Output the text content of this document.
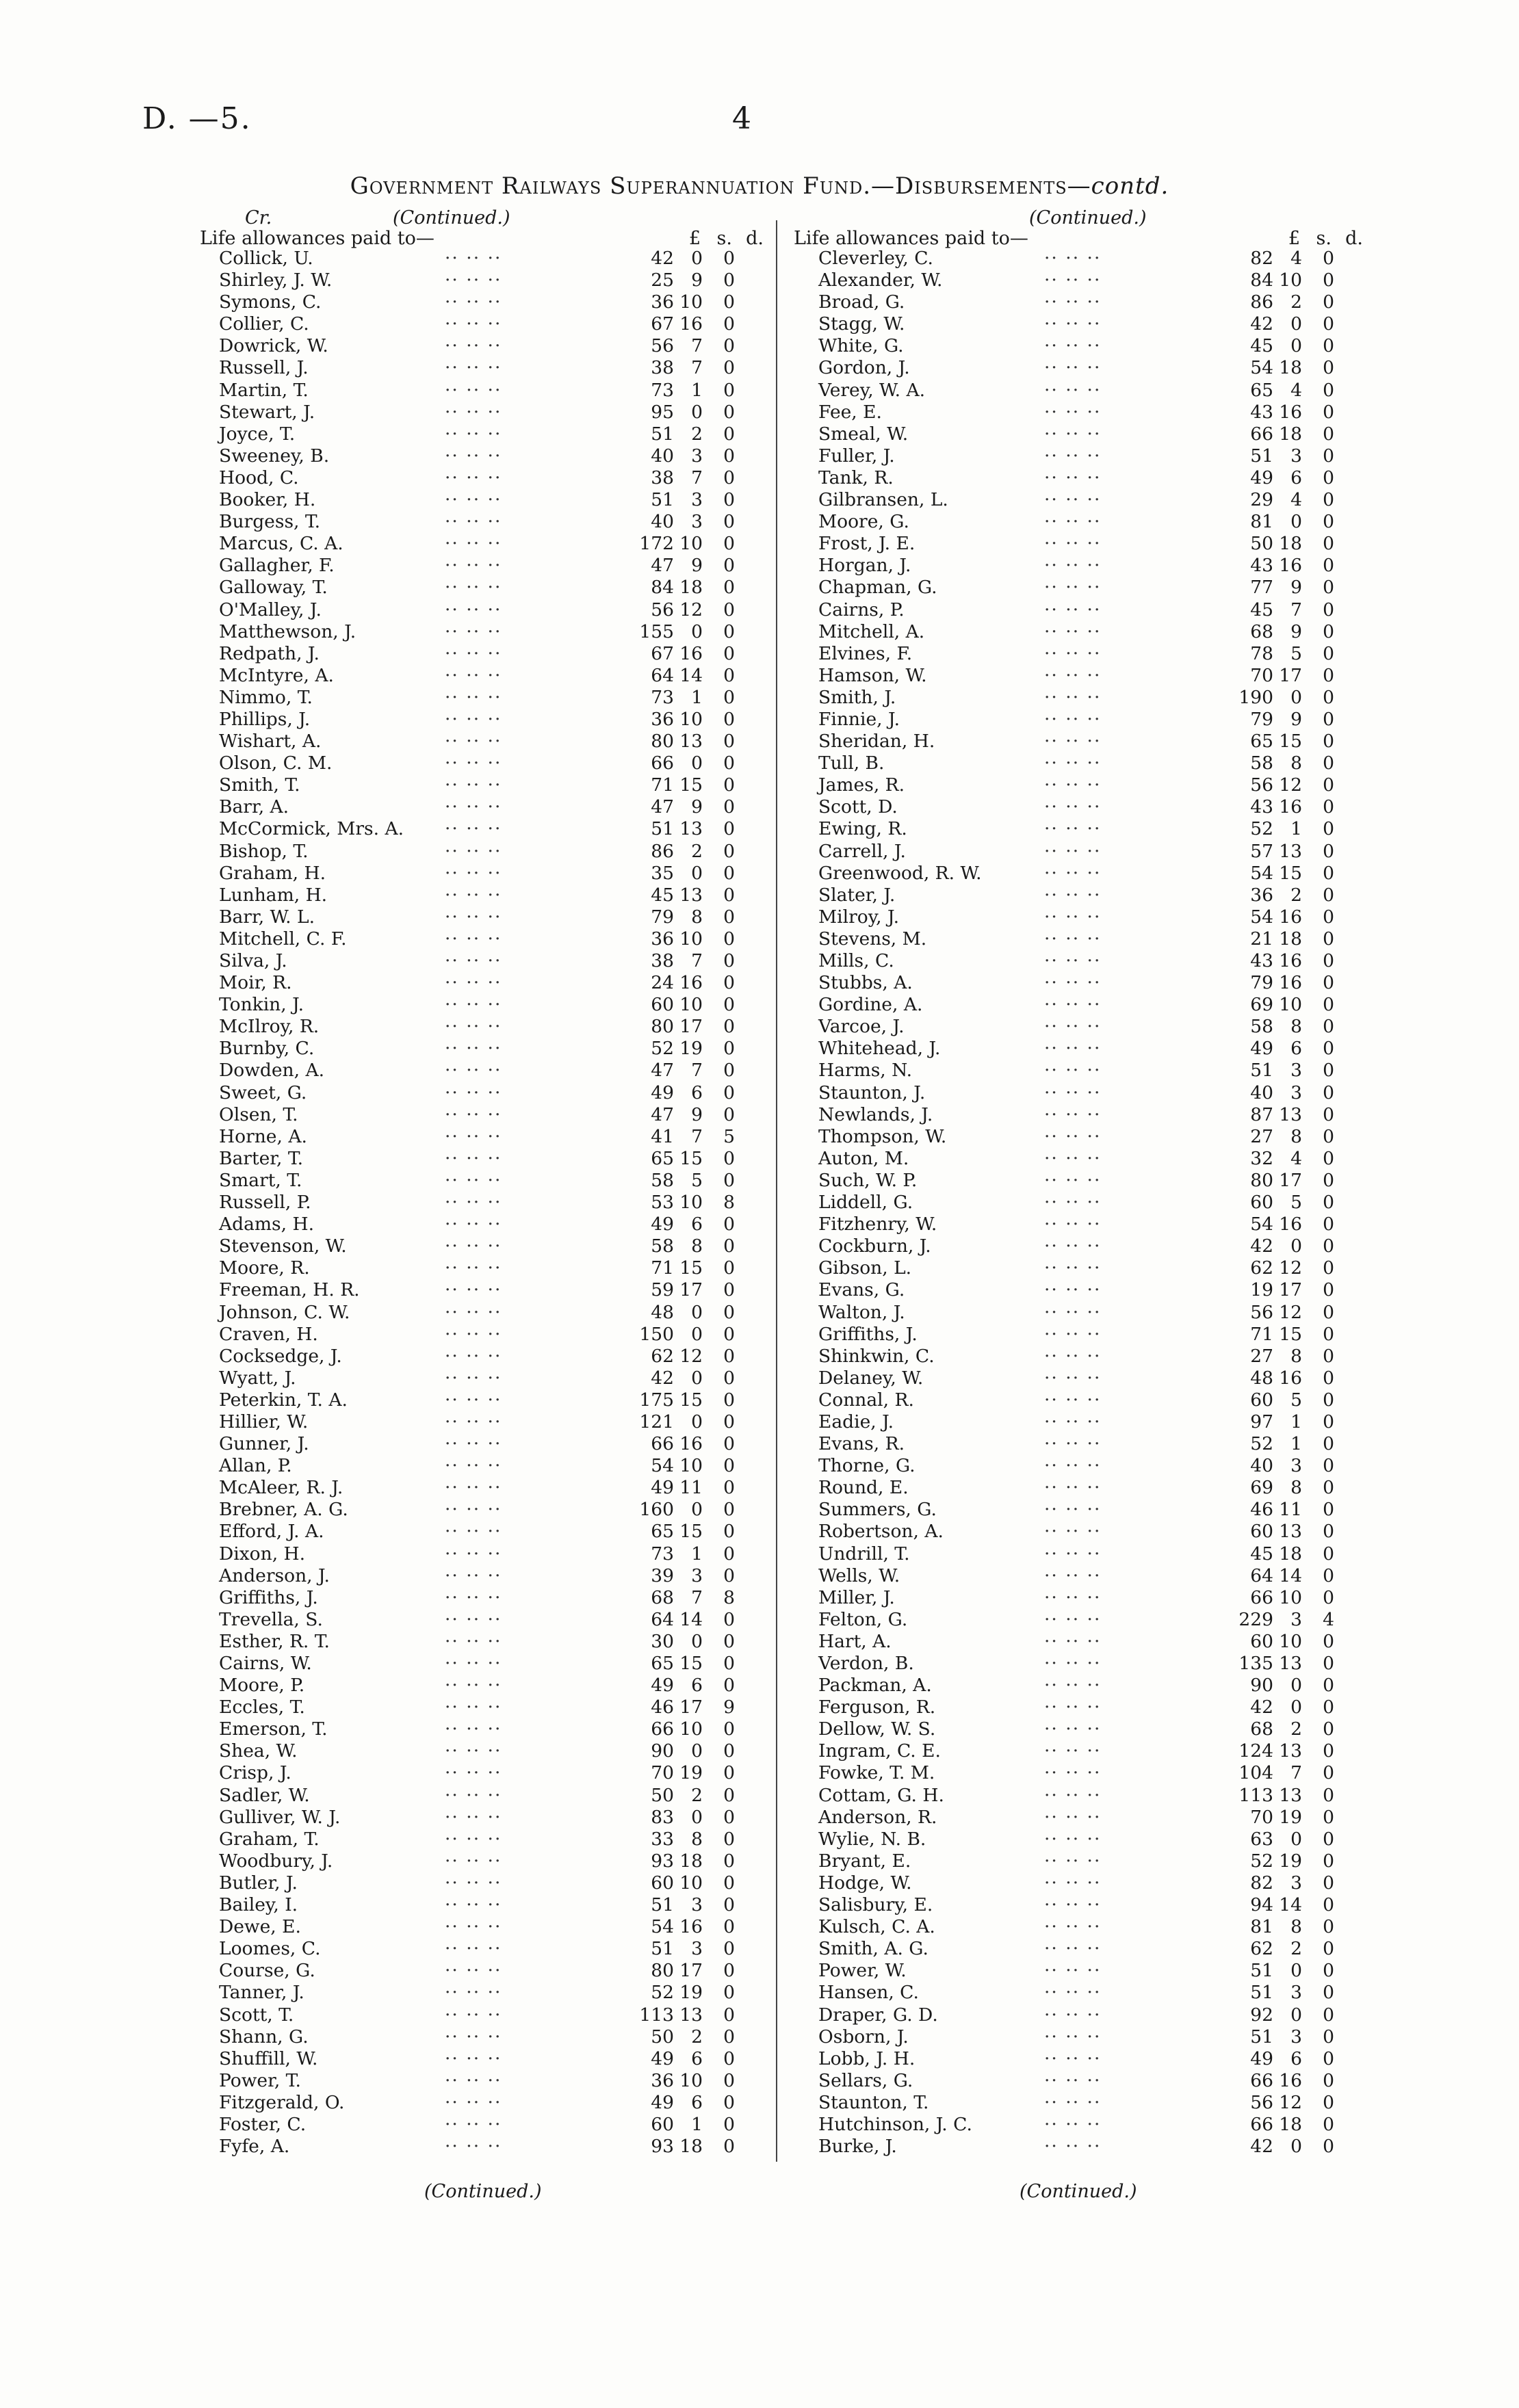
D. —5.	4
Government Railways Superannuation Fund.—Disbursements—contd.
Cr.	(Continued.)	(Continued.)
Life allowances paid to—	£ s. d. Life allowances paid to—	£ s. d.
·· ·· ··
Collick, U.	42 0	0
·· ·· ··
Shirley, J. W.	25 9	0
·· ·· ··
Symons, C.	36 10	0
·· ·· ··
Collier, C.	67 16	0
·· ·· ··
Dowrick, W.	56 7	0
·· ·· ··
Russell, J.	38 7	0
·· ·· ··
Martin, T.	73 1	0
·· ·· ··
Stewart, J.	95 0	0
·· ·· ··
Joyce, T.	51 2	0
·· ·· ··
Sweeney, B.	40 3	0
·· ·· ··
Hood, C.	38 7	0
·· ·· ··
Booker, H.	51 3	0
·· ·· ··
Burgess, T.	40 3	0
·· ·· ··
Marcus, C. A.	172 10	0
·· ·· ··
Gallagher, F.	47 9	0
·· ·· ··
Galloway, T.	84 18	0
·· ·· ··
O'Malley, J.	56 12	0
·· ·· ··
Matthewson, J.	155 0	0
·· ·· ··
Redpath, J.	67 16	0
·· ·· ··
McIntyre, A.	64 14	0
·· ·· ··
Nimmo, T.	73 1	0
·· ·· ··
Phillips, J.	36 10	0
·· ·· ··
Wishart, A.	80 13	0
·· ·· ··
Olson, C. M.	66 0	0
·· ·· ··
Smith, T.	71 15	0
·· ·· ··
Barr, A.	47 9	0
·· ·· ··
McCormick, Mrs. A.	51 13	0
·· ·· ··
Bishop, T.	86 2	0
·· ·· ··
Graham, H.	35 0	0
·· ·· ··
Lunham, H.	45 13	0
·· ·· ··
Barr, W. L.	79 8	0
·· ·· ··
Mitchell, C. F.	36 10	0
·· ·· ··
Silva, J.	38 7	0
·· ·· ··
Moir, R.	24 16	0
·· ·· ··
Tonkin, J.	60 10	0
·· ·· ··
McIlroy, R.	80 17	0
·· ·· ··
Burnby, C.	52 19	0
·· ·· ··
Dowden, A.	47 7	0
·· ·· ··
Sweet, G.	49 6	0
·· ·· ··
Olsen, T.	47 9	0
·· ·· ··
Horne, A.	41 7	5
·· ·· ··
Barter, T.	65 15	0
·· ·· ··
Smart, T.	58 5	0
·· ·· ··
Russell, P.	53 10	8
·· ·· ··
Adams, H.	49 6	0
·· ·· ··
Stevenson, W.	58 8	0
·· ·· ··
Moore, R.	71 15	0
·· ·· ··
Freeman, H. R.	59 17	0
·· ·· ··
Johnson, C. W.	48 0	0
·· ·· ··
Craven, H.	150 0	0
·· ·· ··
Cocksedge, J.	62 12	0
·· ·· ··
Wyatt, J.	42 0	0
·· ·· ··
Peterkin, T. A.	175 15	0
·· ·· ··
Hillier, W.	121 0	0
·· ·· ··
Gunner, J.	66 16	0
·· ·· ··
Allan, P.	54 10	0
·· ·· ··
McAleer, R. J.	49 11	0
·· ·· ··
Brebner, A. G.	160 0	0
·· ·· ··
Efford, J. A.	65 15	0
·· ·· ··
Dixon, H.	73 1	0
·· ·· ··
Anderson, J.	39 3	0
·· ·· ··
Griffiths, J.	68 7	8
·· ·· ··
Trevella, S.	64 14	0
·· ·· ··
Esther, R. T.	30 0	0
·· ·· ··
Cairns, W.	65 15	0
·· ·· ··
Moore, P.	49 6	0
·· ·· ··
Eccles, T.	46 17	9
·· ·· ··
Emerson, T.	66 10	0
·· ·· ··
Shea, W.	90 0	0
·· ·· ··
Crisp, J.	70 19	0
·· ·· ··
Sadler, W.	50 2	0
·· ·· ··
Gulliver, W. J.	83 0	0
·· ·· ··
Graham, T.	33 8	0
·· ·· ··
Woodbury, J.	93 18	0
·· ·· ··
Butler, J.	60 10	0
·· ·· ··
Bailey, I.	51 3	0
·· ·· ··
Dewe, E.	54 16	0
·· ·· ··
Loomes, C.	51 3	0
·· ·· ··
Course, G.	80 17	0
·· ·· ··
Tanner, J.	52 19	0
·· ·· ··
Scott, T.	113 13	0
·· ·· ··
Shann, G.	50 2	0
·· ·· ··
Shuffill, W.	49 6	0
·· ·· ··
Power, T.	36 10	0
·· ·· ··
Fitzgerald, O.	49 6	0
·· ·· ··
Foster, C.	60 1	0
·· ·· ··
Fyfe, A.	93 18	0
·· ·· ··
Cleverley, C.	82 4	0
·· ·· ··
Alexander, W.	84 10	0
·· ·· ··
Broad, G.	86 2	0
·· ·· ··
Stagg, W.	42 0	0
·· ·· ··
White, G.	45 0	0
·· ·· ··
Gordon, J.	54 18	0
·· ·· ··
Verey, W. A.	65 4	0
·· ·· ··
Fee, E.	43 16	0
·· ·· ··
Smeal, W.	66 18	0
·· ·· ··
Fuller, J.	51 3	0
·· ·· ··
Tank, R.	49 6	0
·· ·· ··
Gilbransen, L.	29 4	0
·· ·· ··
Moore, G.	81 0	0
·· ·· ··
Frost, J. E.	50 18	0
·· ·· ··
Horgan, J.	43 16	0
·· ·· ··
Chapman, G.	77 9	0
·· ·· ··
Cairns, P.	45 7	0
·· ·· ··
Mitchell, A.	68 9	0
·· ·· ··
Elvines, F.	78 5	0
·· ·· ··
Hamson, W.	70 17	0
·· ·· ··
Smith, J.	190 0	0
·· ·· ··
Finnie, J.	79 9	0
·· ·· ··
Sheridan, H.	65 15	0
·· ·· ··
Tull, B.	58 8	0
·· ·· ··
James, R.	56 12	0
·· ·· ··
Scott, D.	43 16	0
·· ·· ··
Ewing, R.	52 1	0
·· ·· ··
Carrell, J.	57 13	0
·· ·· ··
Greenwood, R. W.	54 15	0
·· ·· ··
Slater, J.	36 2	0
·· ·· ··
Milroy, J.	54 16	0
·· ·· ··
Stevens, M.	21 18	0
·· ·· ··
Mills, C.	43 16	0
·· ·· ··
Stubbs, A.	79 16	0
·· ·· ··
Gordine, A.	69 10	0
·· ·· ··
Varcoe, J.	58 8	0
·· ·· ··
Whitehead, J.	49 6	0
·· ·· ··
Harms, N.	51 3	0
·· ·· ··
Staunton, J.	40 3	0
·· ·· ··
Newlands, J.	87 13	0
·· ·· ··
Thompson, W.	27 8	0
·· ·· ··
Auton, M.	32 4	0
·· ·· ··
Such, W. P.	80 17	0
·· ·· ··
Liddell, G.	60 5	0
·· ·· ··
Fitzhenry, W.	54 16	0
·· ·· ··
Cockburn, J.	42 0	0
·· ·· ··
Gibson, L.	62 12	0
·· ·· ··
Evans, G.	19 17	0
·· ·· ··
Walton, J.	56 12	0
·· ·· ··
Griffiths, J.	71 15	0
·· ·· ··
Shinkwin, C.	27 8	0
·· ·· ··
Delaney, W.	48 16	0
·· ·· ··
Connal, R.	60 5	0
·· ·· ··
Eadie, J.	97 1	0
·· ·· ··
Evans, R.	52 1	0
·· ·· ··
Thorne, G.	40 3	0
·· ·· ··
Round, E.	69 8	0
·· ·· ··
Summers, G.	46 11	0
·· ·· ··
Robertson, A.	60 13	0
·· ·· ··
Undrill, T.	45 18	0
·· ·· ··
Wells, W.	64 14	0
·· ·· ··
Miller, J.	66 10	0
·· ·· ··
Felton, G.	229 3	4
·· ·· ··
Hart, A.	60 10	0
·· ·· ··
Verdon, B.	135 13	0
·· ·· ··
Packman, A.	90 0	0
·· ·· ··
Ferguson, R.	42 0	0
·· ·· ··
Dellow, W. S.	68 2	0
·· ·· ··
Ingram, C. E.	124 13	0
·· ·· ··
Fowke, T. M.	104 7	0
·· ·· ··
Cottam, G. H.	113 13	0
·· ·· ··
Anderson, R.	70 19	0
·· ·· ··
Wylie, N. B.	63 0	0
·· ·· ··
Bryant, E.	52 19	0
·· ·· ··
Hodge, W.	82 3	0
·· ·· ··
Salisbury, E.	94 14	0
·· ·· ··
Kulsch, C. A.	81 8	0
·· ·· ··
Smith, A. G.	62 2	0
·· ·· ··
Power, W.	51 0	0
·· ·· ··
Hansen, C.	51 3	0
·· ·· ··
Draper, G. D.	92 0	0
·· ·· ··
Osborn, J.	51 3	0
·· ·· ··
Lobb, J. H.	49 6	0
·· ·· ··
Sellars, G.	66 16	0
·· ·· ··
Staunton, T.	56 12	0
·· ·· ··
Hutchinson, J. C.	66 18	0
·· ·· ··
Burke, J.	42 0	0
(Continued.)	(Continued.)
